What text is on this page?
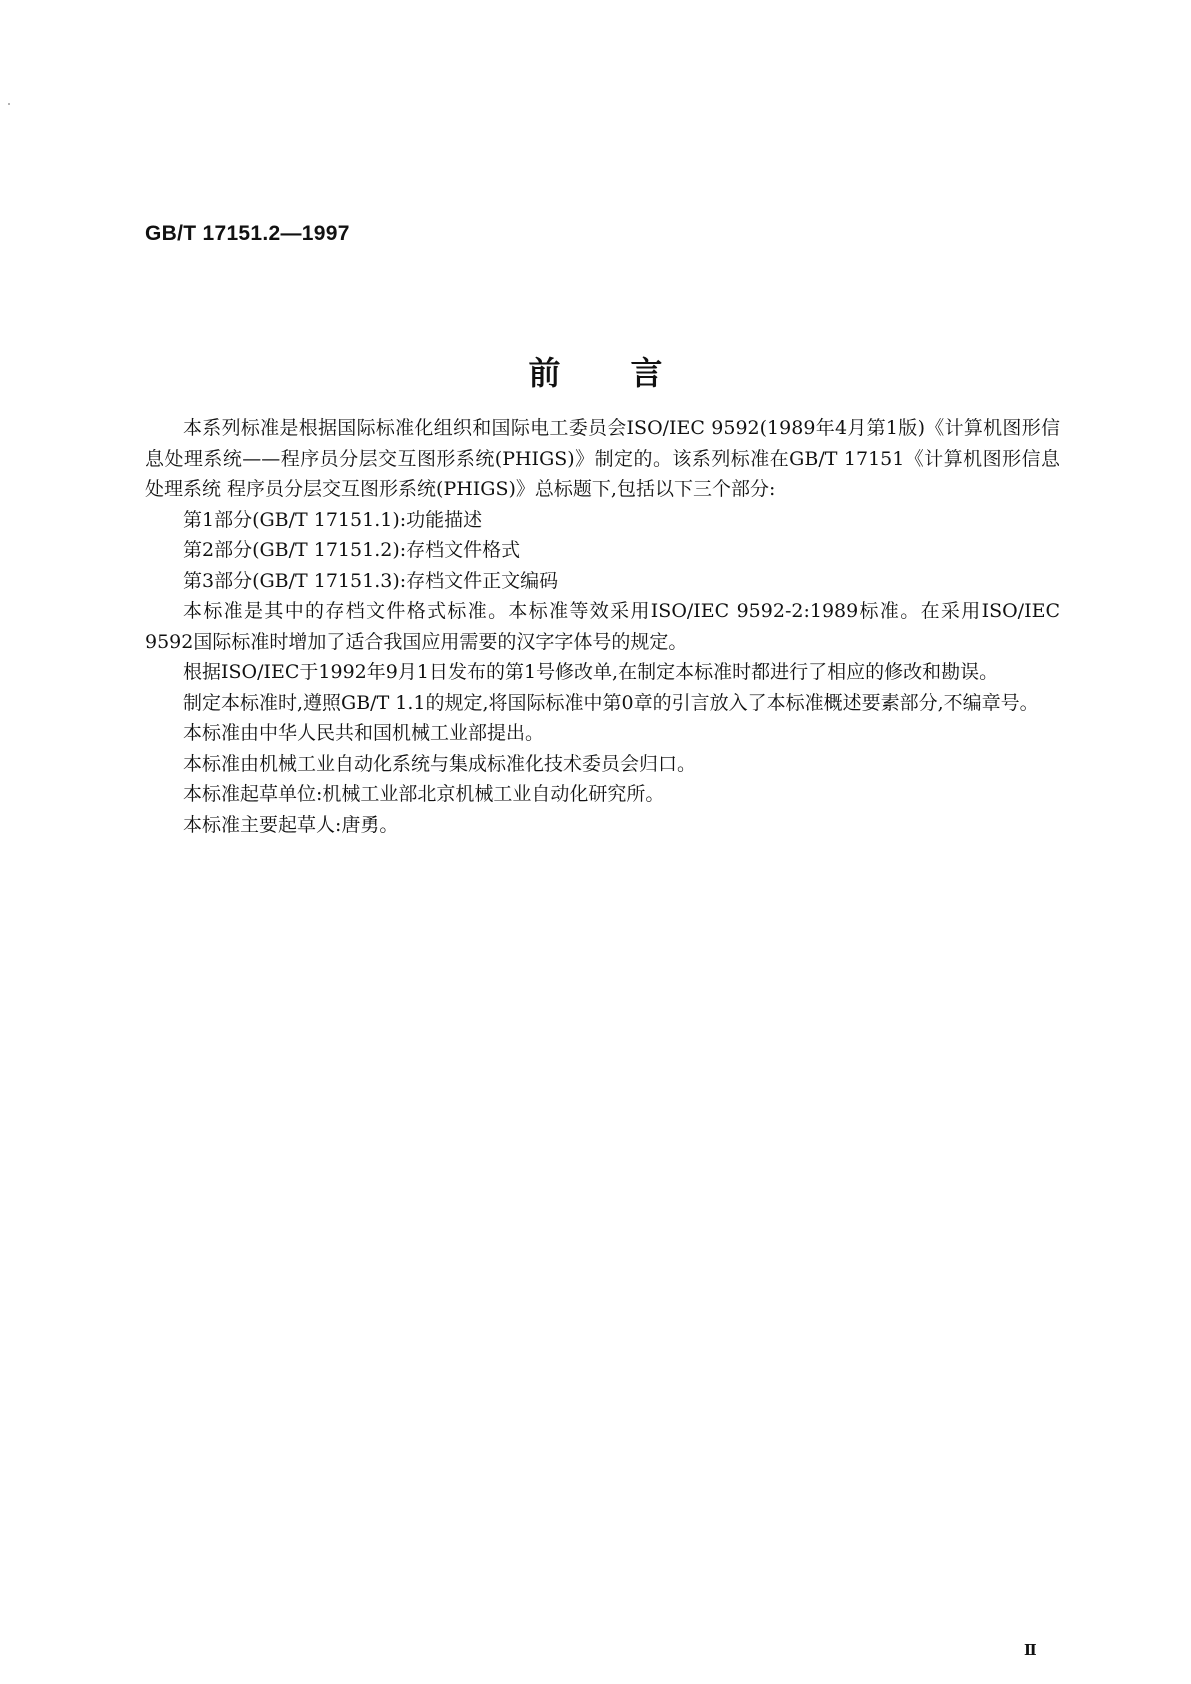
GB/T 17151.2—1997
前言

本系列标准是根据国际标准化组织和国际电工委员会ISO/IEC 9592(1989年4月第1版)《计算机图形信息处理系统——程序员分层交互图形系统(PHIGS)》制定的。该系列标准在GB/T 17151《计算机图形信息处理系统 程序员分层交互图形系统(PHIGS)》总标题下,包括以下三个部分:

第1部分(GB/T 17151.1):功能描述

第2部分(GB/T 17151.2):存档文件格式

第3部分(GB/T 17151.3):存档文件正文编码

本标准是其中的存档文件格式标准。本标准等效采用ISO/IEC 9592-2:1989标准。在采用ISO/IEC 9592国际标准时增加了适合我国应用需要的汉字字体号的规定。

根据ISO/IEC于1992年9月1日发布的第1号修改单,在制定本标准时都进行了相应的修改和勘误。

制定本标准时,遵照GB/T 1.1的规定,将国际标准中第0章的引言放入了本标准概述要素部分,不编章号。

本标准由中华人民共和国机械工业部提出。

本标准由机械工业自动化系统与集成标准化技术委员会归口。

本标准起草单位:机械工业部北京机械工业自动化研究所。

本标准主要起草人:唐勇。

Ⅱ
